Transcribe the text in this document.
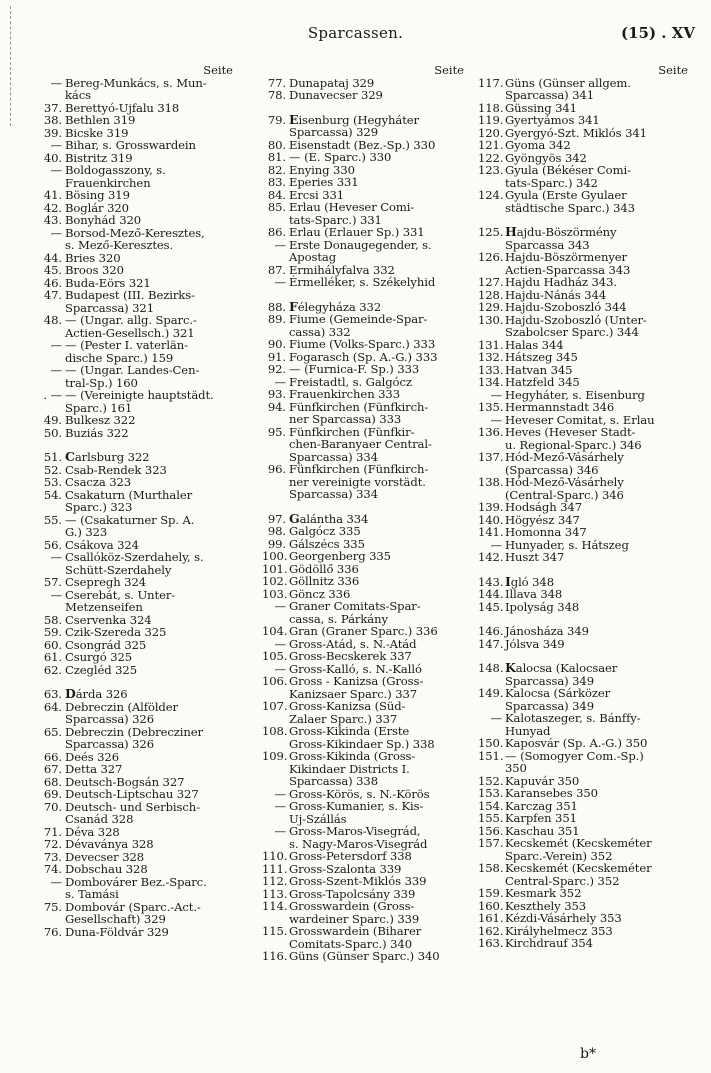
Sparcassen.	(15) . XV
Seite
— Bereg-Munkács, s. Mun-
kács
37. Berettyó-Ujfalu 318
38. Bethlen 319
39. Bicske 319
— Bihar, s. Grosswardein
40. Bistritz 319
— Boldogasszony, s.
Frauenkirchen
41. Bösing 319
42. Boglár 320
43. Bonyhád 320
— Borsod-Mező-Keresztes,
s. Mező-Keresztes.
44. Bries 320
45. Broos 320
46. Buda-Eörs 321
47. Budapest (III. Bezirks-
Sparcassa) 321
48. — (Ungar. allg. Sparc.-
Actien-Gesellsch.) 321
— — (Pester I. vaterlän-
dische Sparc.) 159
— — (Ungar. Landes-Cen-
tral-Sp.) 160
. — — (Vereinigte hauptstädt.
Sparc.) 161
49. Bulkesz 322
50. Buziás 322
51. Carlsburg 322
52. Csab-Rendek 323
53. Csacza 323
54. Csakaturn (Murthaler
Sparc.) 323
55. — (Csakaturner Sp. A.
G.) 323
56. Csákova 324
— Csallóköz-Szerdahely, s.
Schütt-Szerdahely
57. Csepregh 324
— Cserebát, s. Unter-
Metzenseifen
58. Cservenka 324
59. Czik-Szereda 325
60. Csongrád 325
61. Csurgó 325
62. Czegléd 325
63. Dárda 326
64. Debreczin (Alfölder
Sparcassa) 326
65. Debreczin (Debrecziner
Sparcassa) 326
66. Deés 326
67. Detta 327
68. Deutsch-Bogsán 327
69. Deutsch-Liptschau 327
70. Deutsch- und Serbisch-
Csanád 328
71. Déva 328
72. Dévaványa 328
73. Devecser 328
74. Dobschau 328
— Dombovárer Bez.-Sparc.
s. Tamási
75. Dombovár (Sparc.-Act.-
Gesellschaft) 329
76. Duna-Földvár 329
Seite
77. Dunapataj 329
78. Dunavecser 329
79. Eisenburg (Hegyháter
Sparcassa) 329
80. Eisenstadt (Bez.-Sp.) 330
81. — (E. Sparc.) 330
82. Enying 330
83. Eperies 331
84. Ercsi 331
85. Erlau (Heveser Comi-
tats-Sparc.) 331
86. Erlau (Erlauer Sp.) 331
— Erste Donaugegender, s.
Apostag
87. Ermihályfalva 332
— Érmelléker, s. Székelyhid
88. Félegyháza 332
89. Fiume (Gemeinde-Spar-
cassa) 332
90. Fiume (Volks-Sparc.) 333
91. Fogarasch (Sp. A.-G.) 333
92. — (Furnica-F. Sp.) 333
— Freistadtl, s. Galgócz
93. Frauenkirchen 333
94. Fünfkirchen (Fünfkirch-
ner Sparcassa) 333
95. Fünfkirchen (Fünfkir-
chen-Baranyaer Central-
Sparcassa) 334
96. Fünfkirchen (Fünfkirch-
ner vereinigte vorstädt.
Sparcassa) 334
97. Galántha 334
98. Galgócz 335
99. Gálszécs 335
100. Georgenberg 335
101. Gödöllő 336
102. Göllnitz 336
103. Göncz 336
— Graner Comitats-Spar-
cassa, s. Párkány
104. Gran (Graner Sparc.) 336
— Gross-Atád, s. N.-Atád
105. Gross-Becskerek 337
— Gross-Kalló, s. N.-Kalló
106. Gross - Kanizsa (Gross-
Kanizsaer Sparc.) 337
107. Gross-Kanizsa (Süd-
Zalaer Sparc.) 337
108. Gross-Kikinda (Erste
Gross-Kikindaer Sp.) 338
109. Gross-Kikinda (Gross-
Kikindaer Districts I.
Sparcassa) 338
— Gross-Körös, s. N.-Körös
— Gross-Kumanier, s. Kis-
Uj-Szállás
— Gross-Maros-Visegrád,
s. Nagy-Maros-Visegrád
110. Gross-Petersdorf 338
111. Gross-Szalonta 339
112. Gross-Szent-Miklós 339
113. Gross-Tapolcsány 339
114. Grosswardein (Gross-
wardeiner Sparc.) 339
115. Grosswardein (Biharer
Comitats-Sparc.) 340
116. Güns (Günser Sparc.) 340
Seite
117. Güns (Günser allgem.
Sparcassa) 341
118. Güssing 341
119. Gyertyámos 341
120. Gyergyó-Szt. Miklós 341
121. Gyoma 342
122. Gyöngyös 342
123. Gyula (Békéser Comi-
tats-Sparc.) 342
124. Gyula (Erste Gyulaer
städtische Sparc.) 343
125. Hajdu-Böszörmény
Sparcassa 343
126. Hajdu-Böszörmenyer
Actien-Sparcassa 343
127. Hajdu Hadház 343.
128. Hajdu-Nánás 344
129. Hajdu-Szoboszló 344
130. Hajdu-Szoboszló (Unter-
Szabolcser Sparc.) 344
131. Halas 344
132. Hátszeg 345
133. Hatvan 345
134. Hatzfeld 345
— Hegyháter, s. Eisenburg
135. Hermannstadt 346
— Heveser Comitat, s. Erlau
136. Heves (Heveser Stadt-
u. Regional-Sparc.) 346
137. Hód-Mező-Vásárhely
(Sparcassa) 346
138. Hód-Mező-Vásárhely
(Central-Sparc.) 346
139. Hodságh 347
140. Högyész 347
141. Homonna 347
— Hunyader, s. Hátszeg
142. Huszt 347
143. Igló 348
144. Illava 348
145. Ipolyság 348
146. Jánosháza 349
147. Jólsva 349
148. Kalocsa (Kalocsaer
Sparcassa) 349
149. Kalocsa (Sárközer
Sparcassa) 349
— Kalotaszeger, s. Bánffy-
Hunyad
150. Kaposvár (Sp. A.-G.) 350
151. — (Somogyer Com.-Sp.)
350
152. Kapuvár 350
153. Karansebes 350
154. Karczag 351
155. Karpfen 351
156. Kaschau 351
157. Kecskemét (Kecskeméter
Sparc.-Verein) 352
158. Kecskemét (Kecskeméter
Central-Sparc.) 352
159. Kesmark 352
160. Keszthely 353
161. Kézdi-Vásárhely 353
162. Királyhelmecz 353
163. Kirchdrauf 354
b*
